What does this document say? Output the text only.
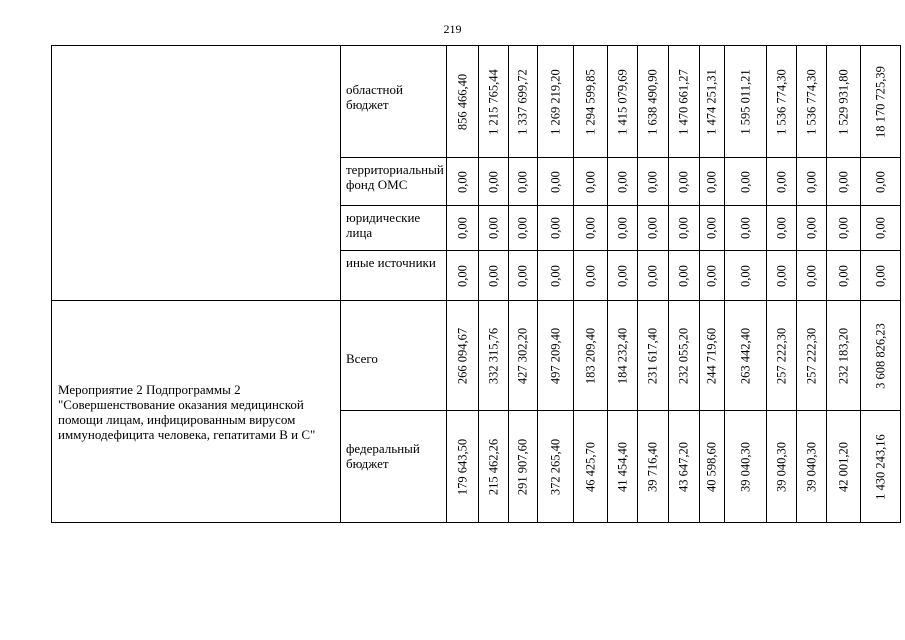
219
	областной бюджет	856 466,40	1 215 765,44	1 337 699,72	1 269 219,20	1 294 599,85	1 415 079,69	1 638 490,90	1 470 661,27	1 474 251,31	1 595 011,21	1 536 774,30	1 536 774,30	1 529 931,80	18 170 725,39

	территориальный фонд ОМС	0,00	0,00	0,00	0,00	0,00	0,00	0,00	0,00	0,00	0,00	0,00	0,00	0,00	0,00

	юридические лица	0,00	0,00	0,00	0,00	0,00	0,00	0,00	0,00	0,00	0,00	0,00	0,00	0,00	0,00

	иные источники	0,00	0,00	0,00	0,00	0,00	0,00	0,00	0,00	0,00	0,00	0,00	0,00	0,00	0,00

Мероприятие 2 Подпрограммы 2 "Совершенствование оказания медицинской помощи лицам, инфицированным вирусом иммунодефицита человека, гепатитами В и С"	Всего	266 094,67	332 315,76	427 302,20	497 209,40	183 209,40	184 232,40	231 617,40	232 055,20	244 719,60	263 442,40	257 222,30	257 222,30	232 183,20	3 608 826,23

	федеральный бюджет	179 643,50	215 462,26	291 907,60	372 265,40	46 425,70	41 454,40	39 716,40	43 647,20	40 598,60	39 040,30	39 040,30	39 040,30	42 001,20	1 430 243,16
